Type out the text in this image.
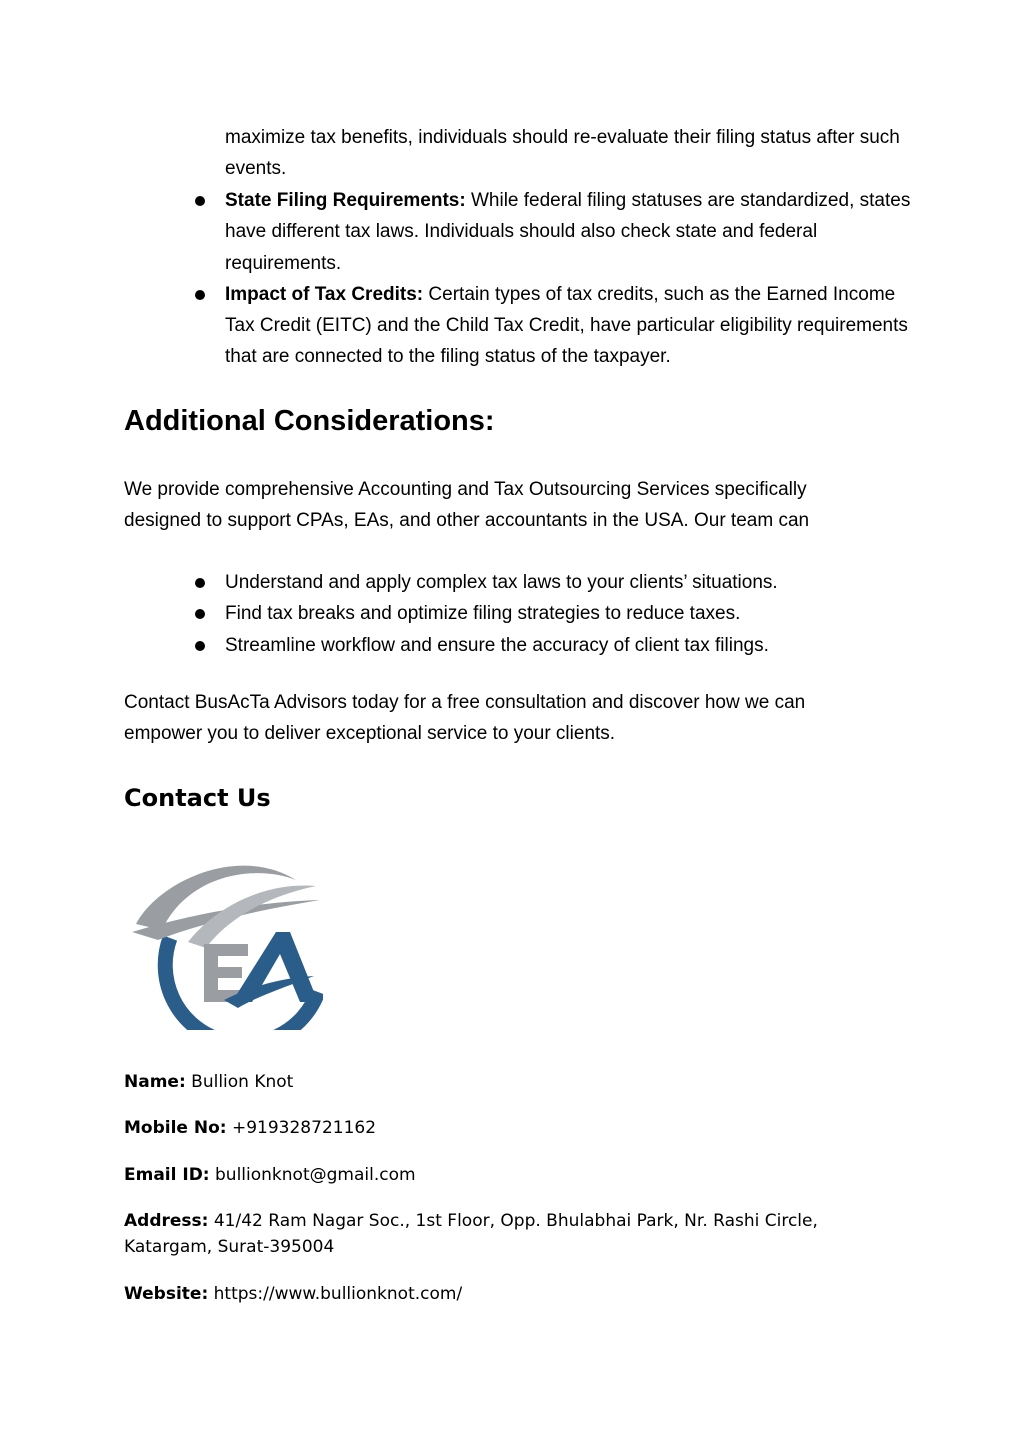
maximize tax benefits, individuals should re-evaluate their filing status after such events.
State Filing Requirements: While federal filing statuses are standardized, states have different tax laws. Individuals should also check state and federal requirements.
Impact of Tax Credits: Certain types of tax credits, such as the Earned Income Tax Credit (EITC) and the Child Tax Credit, have particular eligibility requirements that are connected to the filing status of the taxpayer.
Additional Considerations:

We provide comprehensive Accounting and Tax Outsourcing Services specifically designed to support CPAs, EAs, and other accountants in the USA. Our team can

Understand and apply complex tax laws to your clients’ situations.
Find tax breaks and optimize filing strategies to reduce taxes.
Streamline workflow and ensure the accuracy of client tax filings.

Contact BusAcTa Advisors today for a free consultation and discover how we can empower you to deliver exceptional service to your clients.

Contact Us

Name: Bullion Knot

Mobile No: +919328721162

Email ID: bullionknot@gmail.com

Address: 41/42 Ram Nagar Soc., 1st Floor, Opp. Bhulabhai Park, Nr. Rashi Circle, Katargam, Surat-395004

Website: https://www.bullionknot.com/
